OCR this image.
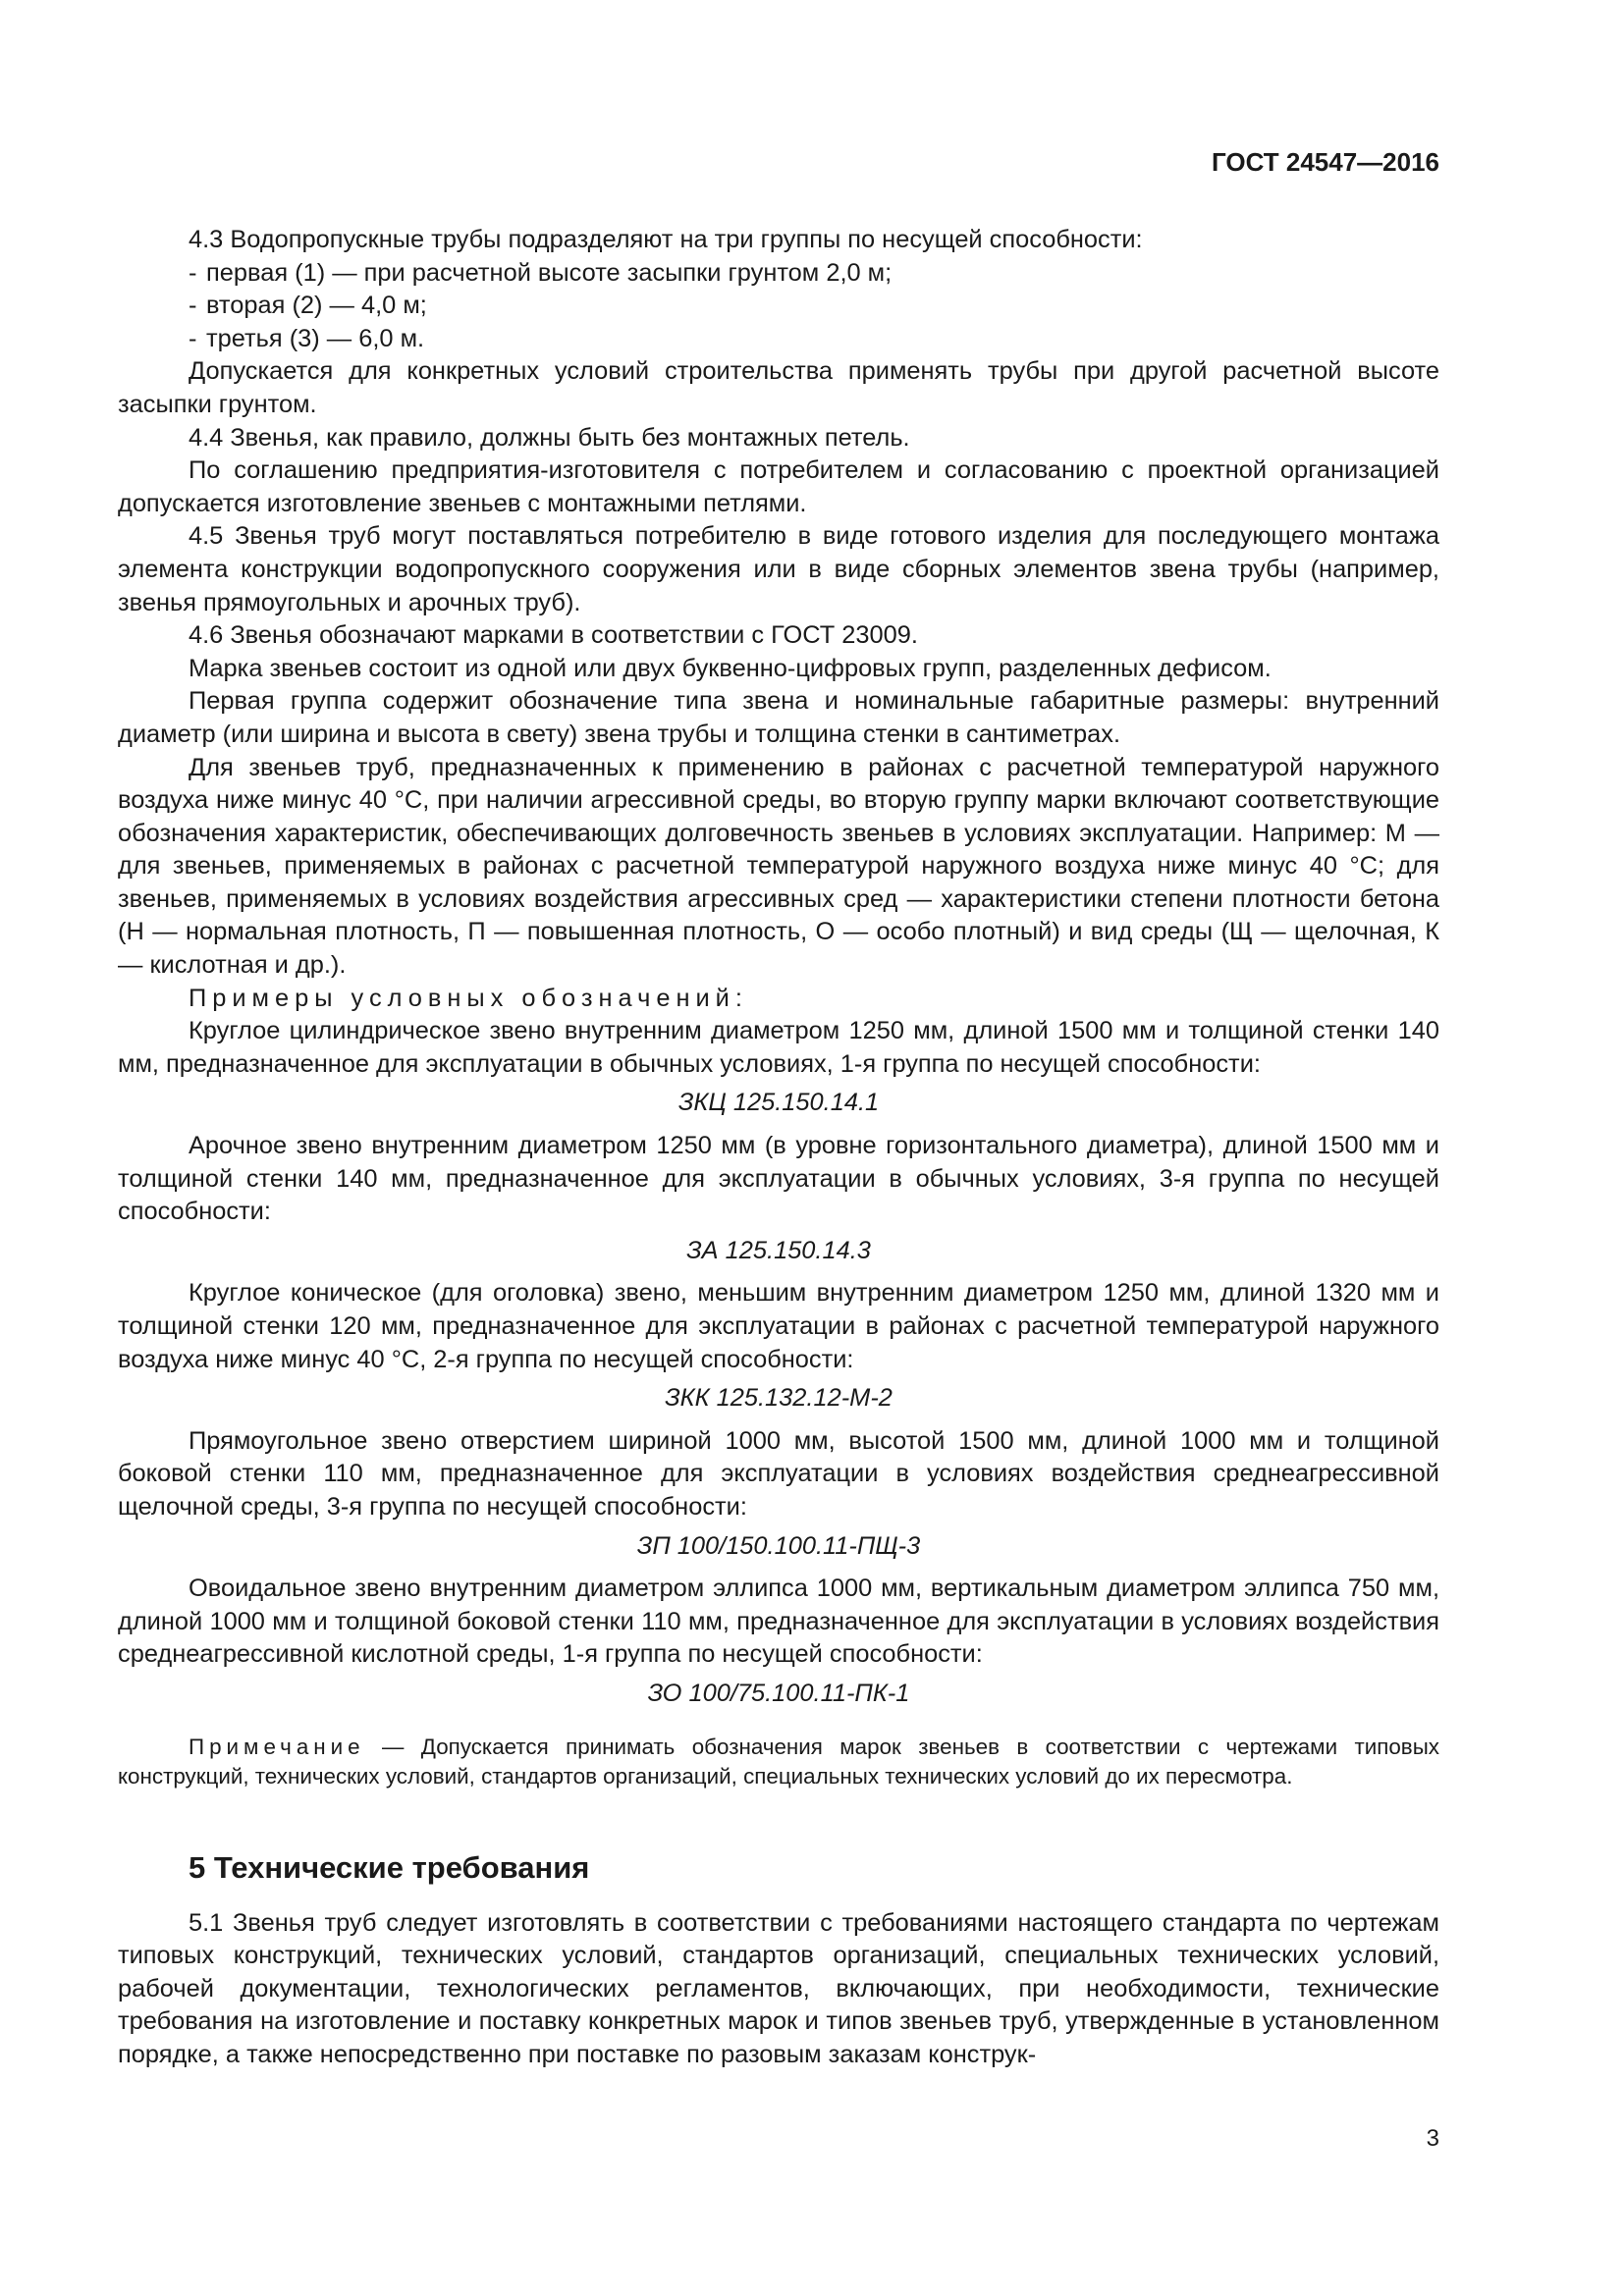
ГОСТ 24547—2016

4.3 Водопропускные трубы подразделяют на три группы по несущей способности:

- первая (1) — при расчетной высоте засыпки грунтом 2,0 м;

- вторая (2) — 4,0 м;

- третья (3) — 6,0 м.

Допускается для конкретных условий строительства применять трубы при другой расчетной высоте засыпки грунтом.

4.4 Звенья, как правило, должны быть без монтажных петель.

По соглашению предприятия-изготовителя с потребителем и согласованию с проектной организацией допускается изготовление звеньев с монтажными петлями.

4.5 Звенья труб могут поставляться потребителю в виде готового изделия для последующего монтажа элемента конструкции водопропускного сооружения или в виде сборных элементов звена трубы (например, звенья прямоугольных и арочных труб).

4.6 Звенья обозначают марками в соответствии с ГОСТ 23009.

Марка звеньев состоит из одной или двух буквенно-цифровых групп, разделенных дефисом.

Первая группа содержит обозначение типа звена и номинальные габаритные размеры: внутренний диаметр (или ширина и высота в свету) звена трубы и толщина стенки в сантиметрах.

Для звеньев труб, предназначенных к применению в районах с расчетной температурой наружного воздуха ниже минус 40 °С, при наличии агрессивной среды, во вторую группу марки включают соответствующие обозначения характеристик, обеспечивающих долговечность звеньев в условиях эксплуатации. Например: М — для звеньев, применяемых в районах с расчетной температурой наружного воздуха ниже минус 40 °С; для звеньев, применяемых в условиях воздействия агрессивных сред — характеристики степени плотности бетона (Н — нормальная плотность, П — повышенная плотность, О — особо плотный) и вид среды (Щ — щелочная, К — кислотная и др.).

Примеры условных обозначений:

Круглое цилиндрическое звено внутренним диаметром 1250 мм, длиной 1500 мм и толщиной стенки 140 мм, предназначенное для эксплуатации в обычных условиях, 1-я группа по несущей способности:

ЗКЦ 125.150.14.1

Арочное звено внутренним диаметром 1250 мм (в уровне горизонтального диаметра), длиной 1500 мм и толщиной стенки 140 мм, предназначенное для эксплуатации в обычных условиях, 3-я группа по несущей способности:

ЗА 125.150.14.3

Круглое коническое (для оголовка) звено, меньшим внутренним диаметром 1250 мм, длиной 1320 мм и толщиной стенки 120 мм, предназначенное для эксплуатации в районах с расчетной температурой наружного воздуха ниже минус 40 °С, 2-я группа по несущей способности:

ЗКК 125.132.12-М-2

Прямоугольное звено отверстием шириной 1000 мм, высотой 1500 мм, длиной 1000 мм и толщиной боковой стенки 110 мм, предназначенное для эксплуатации в условиях воздействия среднеагрессивной щелочной среды, 3-я группа по несущей способности:

ЗП 100/150.100.11-ПЩ-3

Овоидальное звено внутренним диаметром эллипса 1000 мм, вертикальным диаметром эллипса 750 мм, длиной 1000 мм и толщиной боковой стенки 110 мм, предназначенное для эксплуатации в условиях воздействия среднеагрессивной кислотной среды, 1-я группа по несущей способности:

ЗО 100/75.100.11-ПК-1

Примечание — Допускается принимать обозначения марок звеньев в соответствии с чертежами типовых конструкций, технических условий, стандартов организаций, специальных технических условий до их пересмотра.

5 Технические требования

5.1 Звенья труб следует изготовлять в соответствии с требованиями настоящего стандарта по чертежам типовых конструкций, технических условий, стандартов организаций, специальных технических условий, рабочей документации, технологических регламентов, включающих, при необходимости, технические требования на изготовление и поставку конкретных марок и типов звеньев труб, утвержденные в установленном порядке, а также непосредственно при поставке по разовым заказам конструк-

3
